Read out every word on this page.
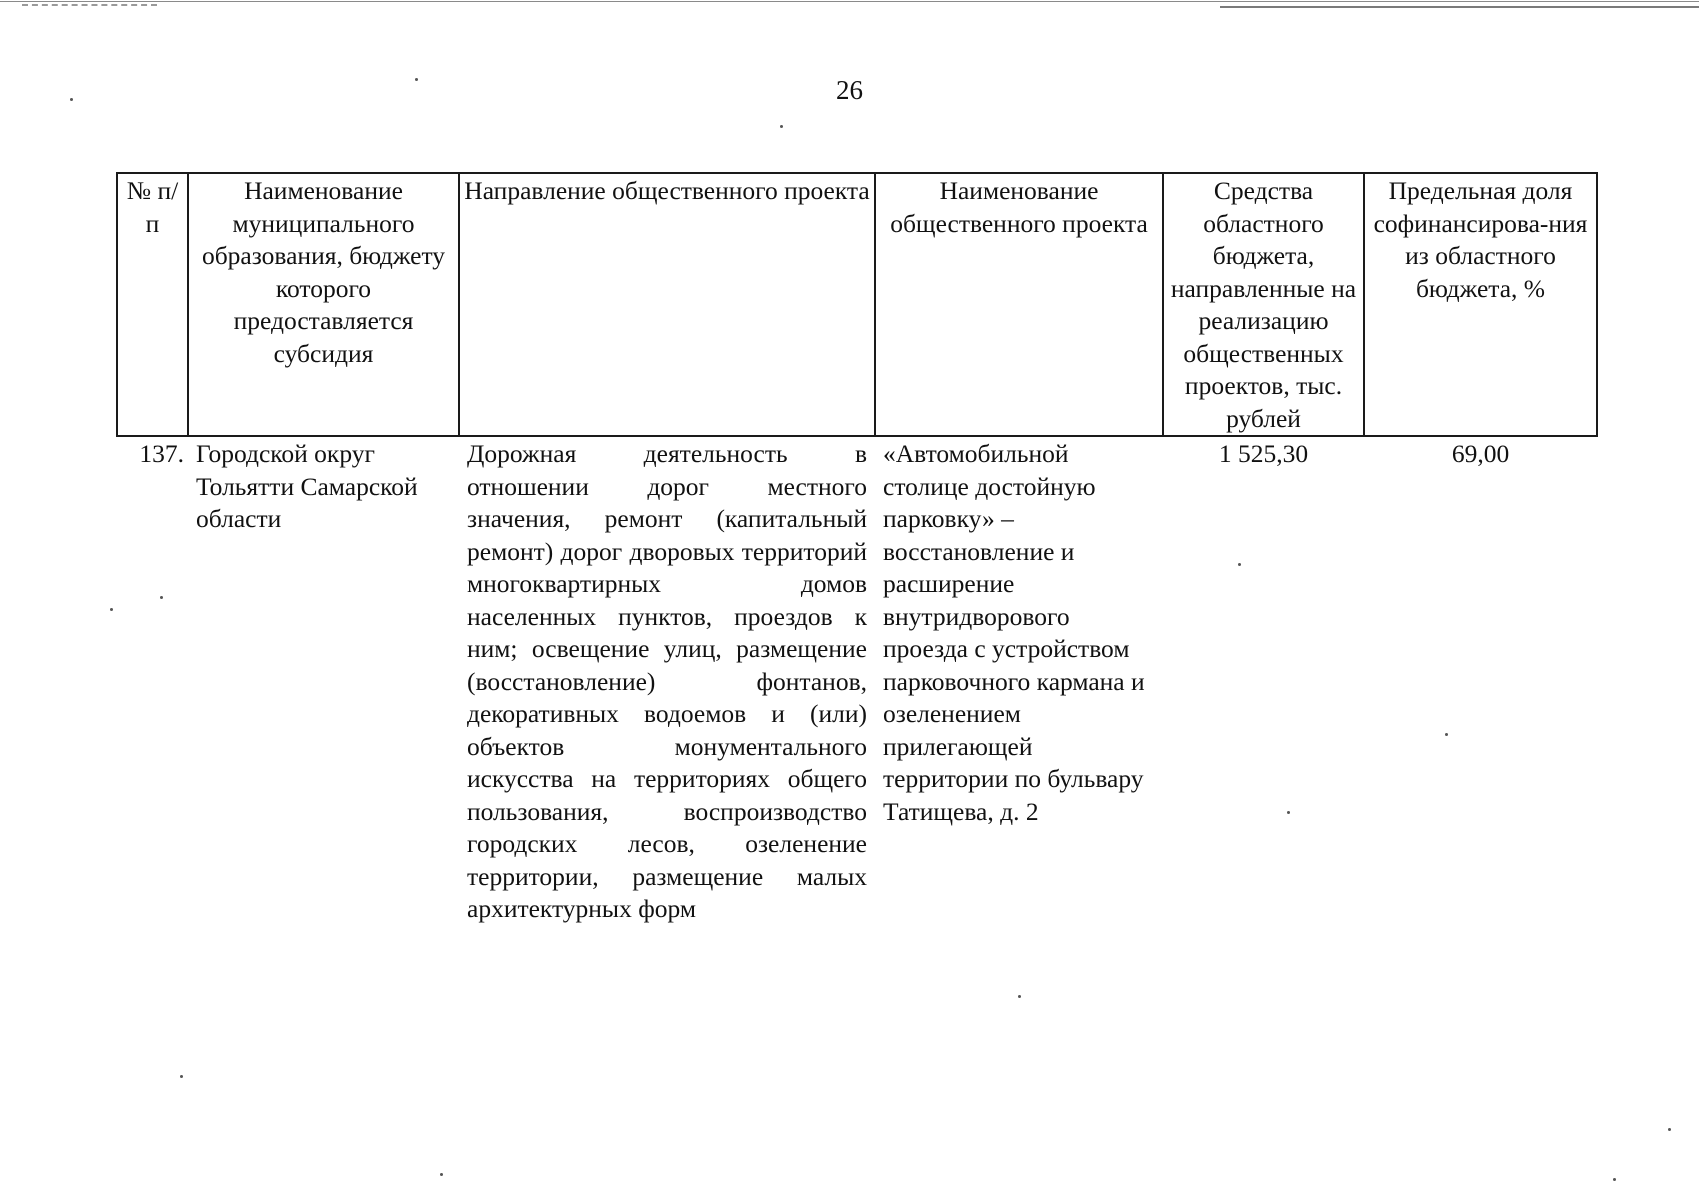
26
№ п/п	Наименование муниципального образования, бюджету которого предоставляется субсидия	Направление общественного проекта	Наименование общественного проекта	Средства областного бюджета, направленные на реализацию общественных проектов, тыс. рублей	Предельная доля софинансирова-ния из областного бюджета, %
137.	Городской округ Тольятти Самарской области	Дорожная деятельность в отношении дорог местного значения, ремонт (капитальный ремонт) дорог дворовых территорий многоквартирных домов населенных пунктов, проездов к ним; освещение улиц, размещение (восстановление) фонтанов, декоративных водоемов и (или) объектов монументального искусства на территориях общего пользования, воспроизводство городских лесов, озеленение территории, размещение малых архитектурных форм	«Автомобильной столице достойную парковку» – восстановление и расширение внутридворового проезда с устройством парковочного кармана и озеленением прилегающей территории по бульвару Татищева, д. 2	1 525,30	69,00
